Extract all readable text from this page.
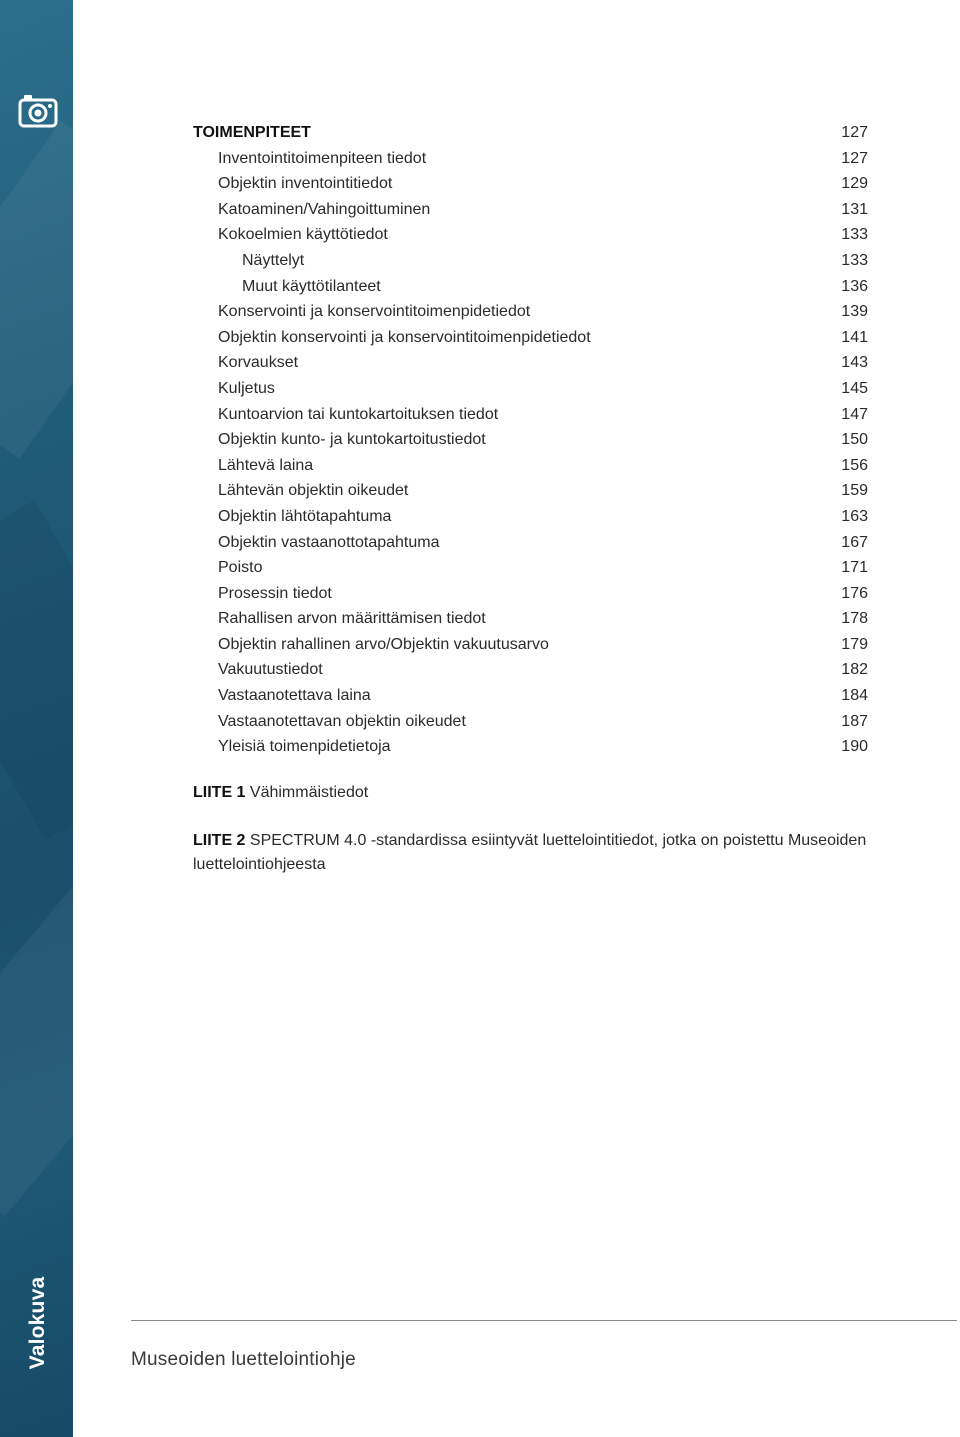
Valokuva
TOIMENPITEET	127
Inventointitoimenpiteen tiedot	127
Objektin inventointitiedot	129
Katoaminen/Vahingoittuminen	131
Kokoelmien käyttötiedot	133
Näyttelyt	133
Muut käyttötilanteet	136
Konservointi ja konservointitoimenpidetiedot	139
Objektin konservointi ja konservointitoimenpidetiedot	141
Korvaukset	143
Kuljetus	145
Kuntoarvion tai kuntokartoituksen tiedot	147
Objektin kunto- ja kuntokartoitustiedot	150
Lähtevä laina	156
Lähtevän objektin oikeudet	159
Objektin lähtötapahtuma	163
Objektin vastaanottotapahtuma	167
Poisto	171
Prosessin tiedot	176
Rahallisen arvon määrittämisen tiedot	178
Objektin rahallinen arvo/Objektin vakuutusarvo	179
Vakuutustiedot	182
Vastaanotettava laina	184
Vastaanotettavan objektin oikeudet	187
Yleisiä toimenpidetietoja	190
LIITE 1 Vähimmäistiedot
LIITE 2 SPECTRUM 4.0 -standardissa esiintyvät luettelointitiedot, jotka on poistettu Museoiden luettelointiohjeesta
Museoiden luettelointiohje
